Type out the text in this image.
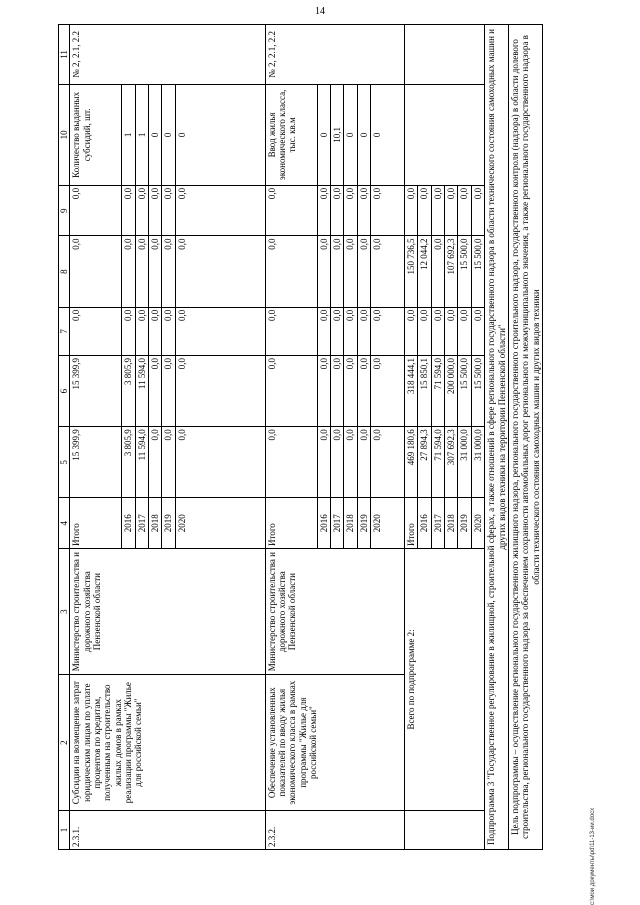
14
1	2	3	4	5	6	7	8	9	10	11
2.3.1.	Субсидии на возмещение затрат юридическим лицам по уплате процентов по кредитам, полученным на строительство жилых домов в рамках реализации программы "Жилье для российской семьи"	Министерство строительства и дорожного хозяйства Пензенской области	Итого	15 399,9	15 399,9	0,0	0,0	0,0	Количество выданных субсидий, шт.	№ 2, 2.1, 2.2
			2016	3 805,9	3 805,9	0,0	0,0	0,0	1	
			2017	11 594,0	11 594,0	0,0	0,0	0,0	1	
			2018	0,0	0,0	0,0	0,0	0,0	0	
			2019	0,0	0,0	0,0	0,0	0,0	0	
			2020	0,0	0,0	0,0	0,0	0,0	0	
2.3.2.	Обеспечение установленных показателей по вводу жилья экономического класса в рамках программы "Жилье для российской семьи"	Министерство строительства и дорожного хозяйства Пензенской области	Итого	0,0	0,0	0,0	0,0	0,0	Ввод жилья экономического класса, тыс. кв.м	№ 2, 2.1, 2.2
			2016	0,0	0,0	0,0	0,0	0,0	0	
			2017	0,0	0,0	0,0	0,0	0,0	10,1	
			2018	0,0	0,0	0,0	0,0	0,0	0	
			2019	0,0	0,0	0,0	0,0	0,0	0	
			2020	0,0	0,0	0,0	0,0	0,0	0	
	Всего по подпрограмме 2:		Итого	469 180,6	318 444,1	0,0	150 736,5	0,0		
			2016	27 894,3	15 850,1	0,0	12 044,2	0,0		
			2017	71 594,0	71 594,0	0,0	0,0	0,0		
			2018	307 692,3	200 000,0	0,0	107 692,3	0,0		
			2019	31 000,0	15 500,0	0,0	15 500,0	0,0		
			2020	31 000,0	15 500,0	0,0	15 500,0	0,0		
Подпрограмма 3 "Государственное регулирование в жилищной, строительной сферах, а также отношений в сфере регионального государственного надзора в области технического состояния самоходных машин и других видов техники на территории Пензенской области"										
Цель подпрограммы – осуществление регионального государственного жилищного надзора, регионального государственного строительного надзора, государственного контроля (надзора) в области долевого строительства, регионального государственного надзора за обеспечением сохранности автомобильных дорог регионального и межмуниципального значения, а также регионального государственного надзора в области технического состояния самоходных машин и других видов техники										
c:\мои документы\pd\11-13-ии.docx
